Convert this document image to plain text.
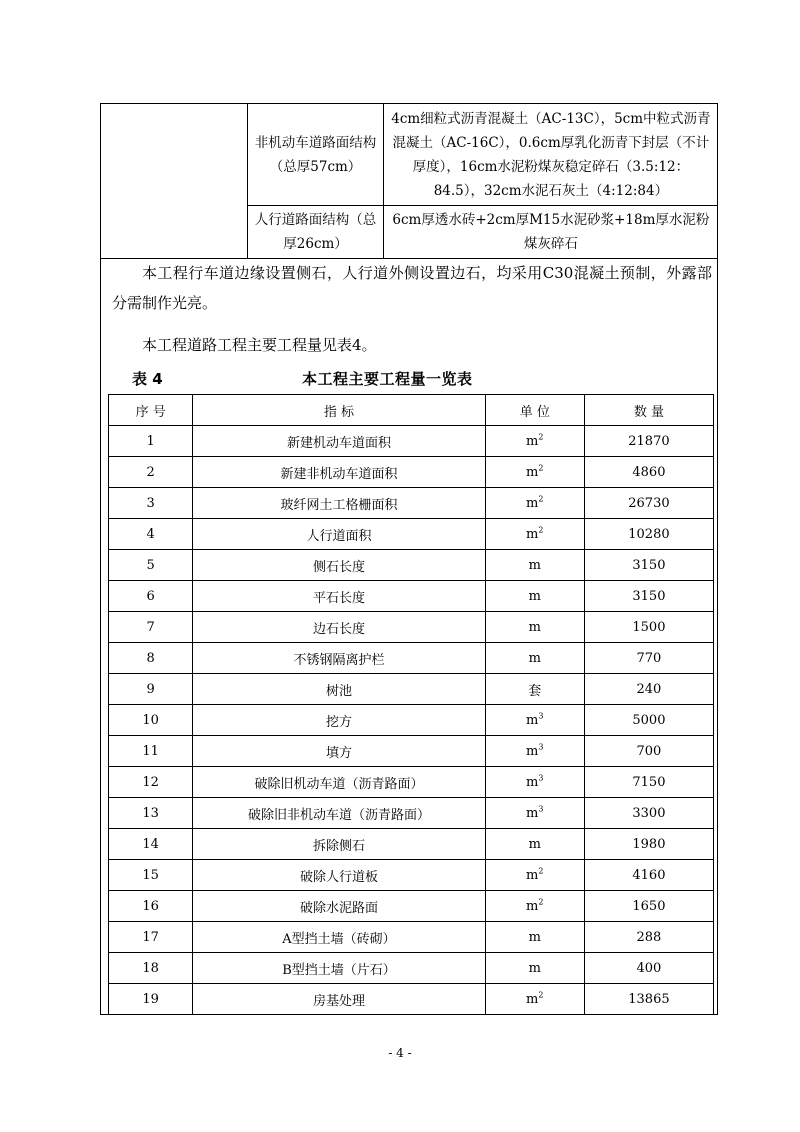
	非机动车道路面结构（总厚57cm）	4cm细粒式沥青混凝土（AC-13C），5cm中粒式沥青混凝土（AC-16C），0.6cm厚乳化沥青下封层（不计厚度），16cm水泥粉煤灰稳定碎石（3.5:12：84.5），32cm水泥石灰土（4:12:84）
	人行道路面结构（总厚26cm）	6cm厚透水砖+2cm厚M15水泥砂浆+18m厚水泥粉煤灰碎石
本工程行车道边缘设置侧石，人行道外侧设置边石，均采用C30混凝土预制，外露部分需制作光亮。
本工程道路工程主要工程量见表4。
表 4	本工程主要工程量一览表
序 号	指 标	单 位	数 量
1	新建机动车道面积	$m^2$	21870
2	新建非机动车道面积	$m^2$	4860
3	玻纤网土工格栅面积	$m^2$	26730
4	人行道面积	$m^2$	10280
5	侧石长度	m	3150
6	平石长度	m	3150
7	边石长度	m	1500
8	不锈钢隔离护栏	m	770
9	树池	套	240
10	挖方	$m^3$	5000
11	填方	$m^3$	700
12	破除旧机动车道（沥青路面）	$m^3$	7150
13	破除旧非机动车道（沥青路面）	$m^3$	3300
14	拆除侧石	m	1980
15	破除人行道板	$m^2$	4160
16	破除水泥路面	$m^2$	1650
17	A型挡土墙（砖砌）	m	288
18	B型挡土墙（片石）	m	400
19	房基处理	$m^2$	13865
- 4 -
